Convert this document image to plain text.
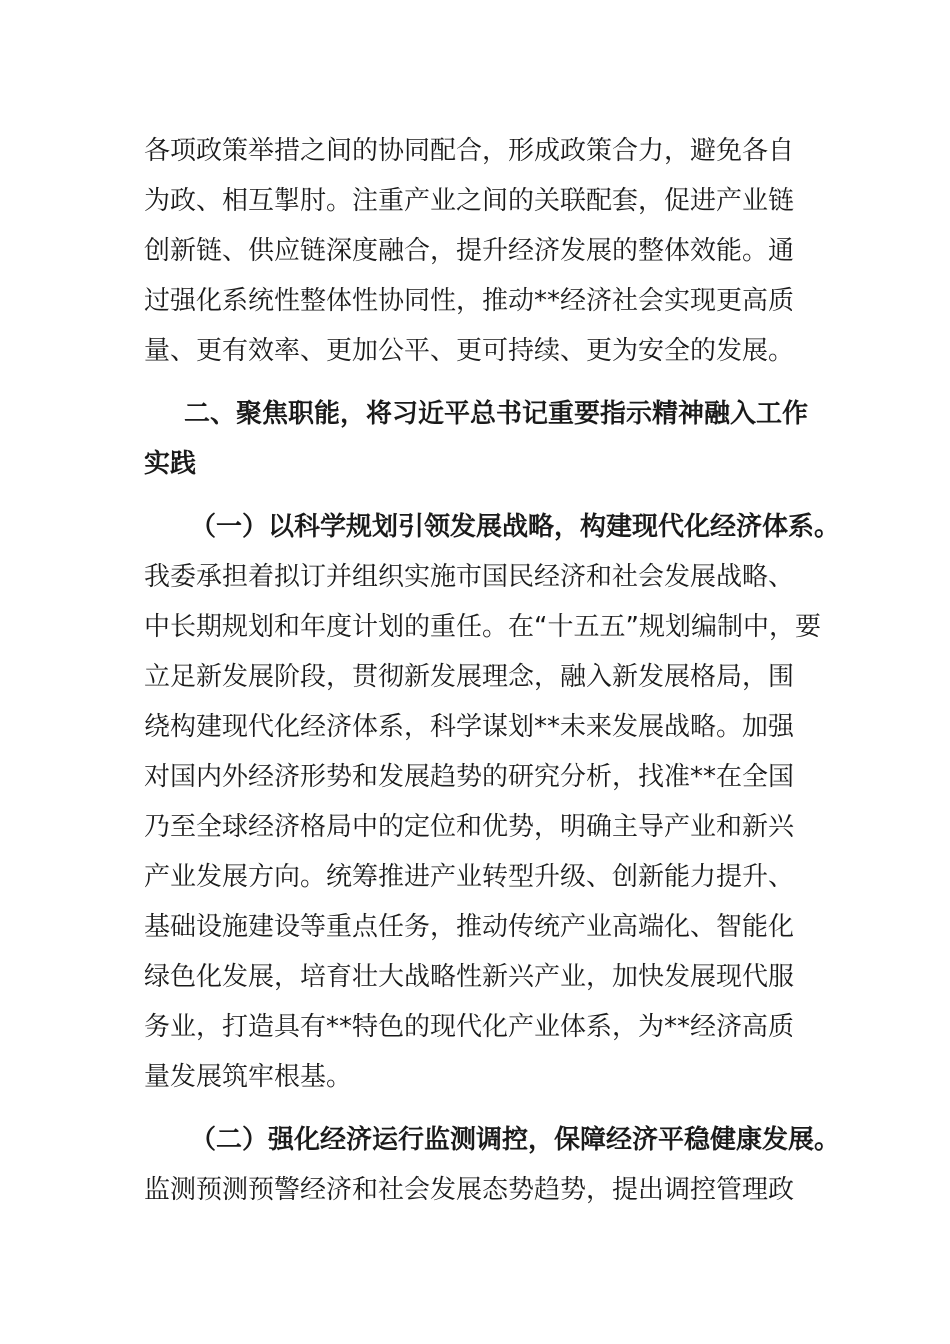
各项政策举措之间的协同配合，形成政策合力，避免各自
为政、相互掣肘。注重产业之间的关联配套，促进产业链
创新链、供应链深度融合，提升经济发展的整体效能。通
过强化系统性整体性协同性，推动**经济社会实现更高质
量、更有效率、更加公平、更可持续、更为安全的发展。
二、聚焦职能，将习近平总书记重要指示精神融入工作
实践
（一）以科学规划引领发展战略，构建现代化经济体系。
我委承担着拟订并组织实施市国民经济和社会发展战略、
中长期规划和年度计划的重任。在“十五五”规划编制中，要
立足新发展阶段，贯彻新发展理念，融入新发展格局，围
绕构建现代化经济体系，科学谋划**未来发展战略。加强
对国内外经济形势和发展趋势的研究分析，找准**在全国
乃至全球经济格局中的定位和优势，明确主导产业和新兴
产业发展方向。统筹推进产业转型升级、创新能力提升、
基础设施建设等重点任务，推动传统产业高端化、智能化
绿色化发展，培育壮大战略性新兴产业，加快发展现代服
务业，打造具有**特色的现代化产业体系，为**经济高质
量发展筑牢根基。
（二）强化经济运行监测调控，保障经济平稳健康发展。
监测预测预警经济和社会发展态势趋势，提出调控管理政
